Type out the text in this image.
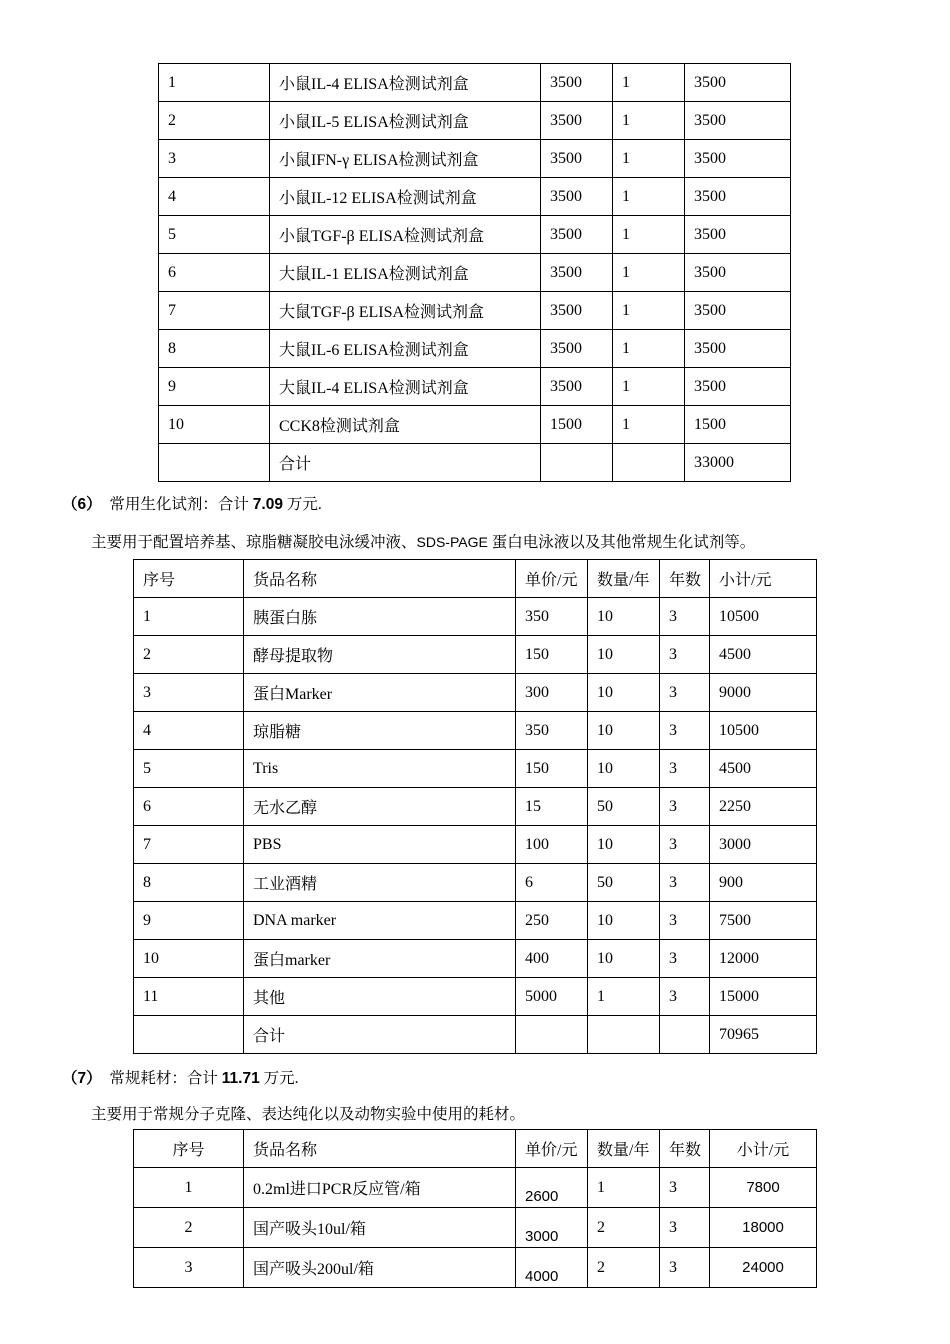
1	小鼠IL-4 ELISA检测试剂盒	3500	1	3500
2	小鼠IL-5 ELISA检测试剂盒	3500	1	3500
3	小鼠IFN-γ ELISA检测试剂盒	3500	1	3500
4	小鼠IL-12 ELISA检测试剂盒	3500	1	3500
5	小鼠TGF-β ELISA检测试剂盒	3500	1	3500
6	大鼠IL-1 ELISA检测试剂盒	3500	1	3500
7	大鼠TGF-β ELISA检测试剂盒	3500	1	3500
8	大鼠IL-6 ELISA检测试剂盒	3500	1	3500
9	大鼠IL-4 ELISA检测试剂盒	3500	1	3500
10	CCK8检测试剂盒	1500	1	1500
	合计			33000
（6） 常用生化试剂：合计 7.09 万元.
主要用于配置培养基、琼脂糖凝胶电泳缓冲液、SDS-PAGE 蛋白电泳液以及其他常规生化试剂等。
序号	货品名称	单价/元	数量/年	年数	小计/元
1	胰蛋白胨	350	10	3	10500
2	酵母提取物	150	10	3	4500
3	蛋白Marker	300	10	3	9000
4	琼脂糖	350	10	3	10500
5	Tris	150	10	3	4500
6	无水乙醇	15	50	3	2250
7	PBS	100	10	3	3000
8	工业酒精	6	50	3	900
9	DNA marker	250	10	3	7500
10	蛋白marker	400	10	3	12000
11	其他	5000	1	3	15000
	合计				70965
（7） 常规耗材：合计 11.71 万元.
主要用于常规分子克隆、表达纯化以及动物实验中使用的耗材。
序号	货品名称	单价/元	数量/年	年数	小计/元
1	0.2ml进口PCR反应管/箱	2600	1	3	7800
2	国产吸头10ul/箱	3000	2	3	18000
3	国产吸头200ul/箱	4000	2	3	24000
